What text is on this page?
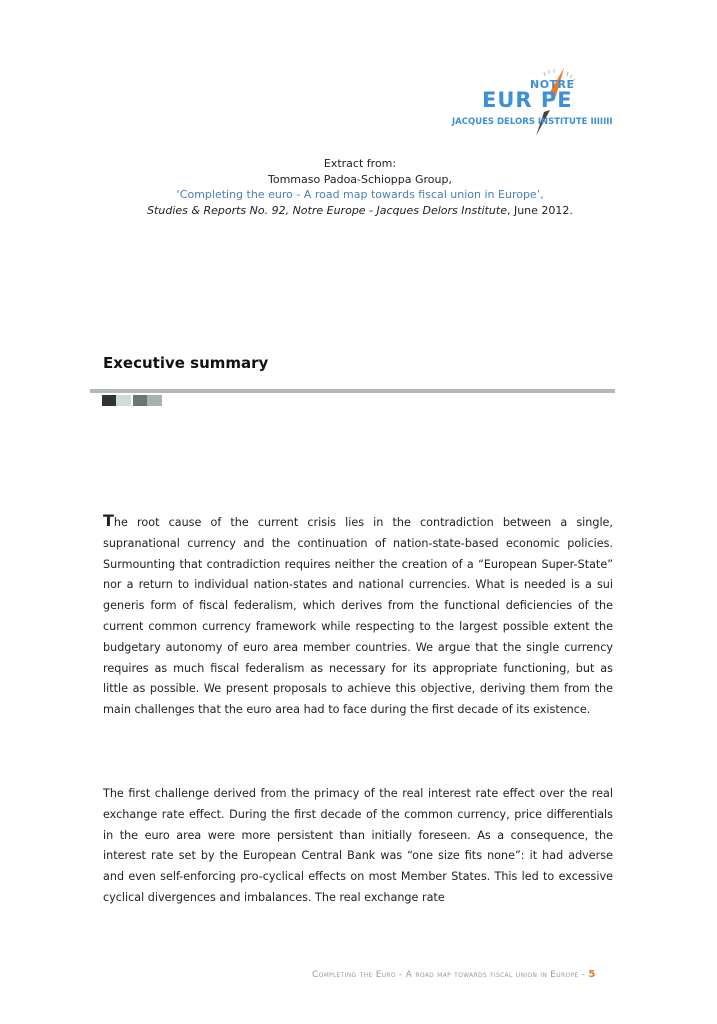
NOTRE
EUR PE
JACQUES DELORS INSTITUTE IIIIIII
Extract from:
Tommaso Padoa-Schioppa Group,
‘Completing the euro - A road map towards fiscal union in Europe’,
Studies & Reports No. 92, Notre Europe - Jacques Delors Institute, June 2012.
Executive summary
The root cause of the current crisis lies in the contradiction between a single, supranational currency and the continuation of nation-state-based economic policies. Surmounting that contradiction requires neither the creation of a “European Super-State” nor a return to individual nation-states and national currencies. What is needed is a sui generis form of fiscal federalism, which derives from the functional deficiencies of the current common currency framework while respecting to the largest possible extent the budgetary autonomy of euro area member countries. We argue that the single currency requires as much fiscal federalism as necessary for its appropriate functioning, but as little as possible. We present proposals to achieve this objective, deriving them from the main challenges that the euro area had to face during the first decade of its existence.
The first challenge derived from the primacy of the real interest rate effect over the real exchange rate effect. During the first decade of the common currency, price differentials in the euro area were more persistent than initially foreseen. As a consequence, the interest rate set by the European Central Bank was “one size fits none”: it had adverse and even self-enforcing pro-cyclical effects on most Member States. This led to excessive cyclical divergences and imbalances. The real exchange rate
Completing the Euro - A road map towards fiscal union in Europe - 5
